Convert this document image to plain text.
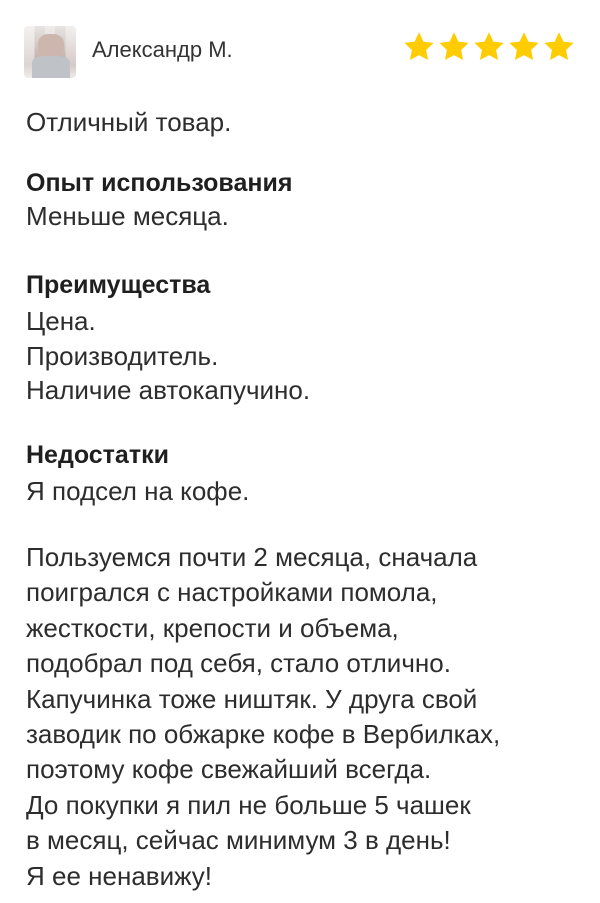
Александр М.
Отличный товар.
Опыт использования
Меньше месяца.
Преимущества
Цена.
Производитель.
Наличие автокапучино.
Недостатки
Я подсел на кофе.
Пользуемся почти 2 месяца, сначала
поигрался с настройками помола,
жесткости, крепости и объема,
подобрал под себя, стало отлично.
Капучинка тоже ништяк. У друга свой
заводик по обжарке кофе в Вербилках,
поэтому кофе свежайший всегда.
До покупки я пил не больше 5 чашек
в месяц, сейчас минимум 3 в день!
Я ее ненавижу!
